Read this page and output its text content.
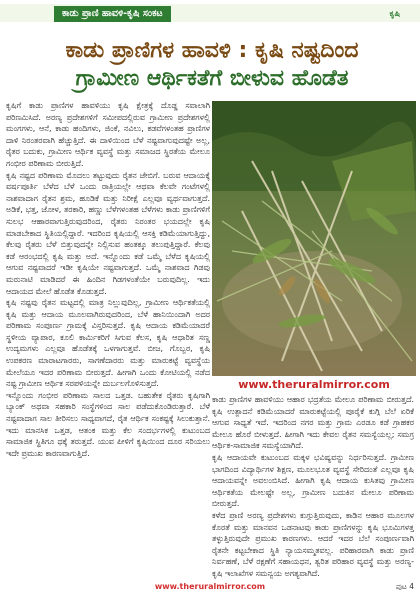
ಕಾಡು ಪ್ರಾಣಿ ಹಾವಳಿ-ಕೃಷಿ ಸಂಕಟ	ಕೃಷಿ
ಕಾಡು ಪ್ರಾಣಿಗಳ ಹಾವಳಿ : ಕೃಷಿ ನಷ್ಟದಿಂದ
ಗ್ರಾಮೀಣ ಆರ್ಥಿಕತೆಗೆ ಬೀಳುವ ಹೊಡೆತ

ಕೃಷಿಗೆ ಕಾಡು ಪ್ರಾಣಿಗಳ ಹಾವಳಿಯು ಕೃಷಿ ಕ್ಷೇತ್ರಕ್ಕೆ ದೊಡ್ಡ ಸವಾಲಾಗಿ ಪರಿಣಮಿಸಿದೆ. ಅರಣ್ಯ ಪ್ರದೇಶಗಳಿಗೆ ಸಮೀಪದಲ್ಲಿರುವ ಗ್ರಾಮೀಣ ಪ್ರದೇಶಗಳಲ್ಲಿ ಮಂಗಗಳು, ಆನೆ, ಕಾಡು ಹಂದಿಗಳು, ಜಿಂಕೆ, ನವಿಲು, ಕಡವೆಗಳಂತಹ ಪ್ರಾಣಿಗಳ ದಾಳಿ ನಿರಂತರವಾಗಿ ಹೆಚ್ಚುತ್ತಿದೆ. ಈ ದಾಳಿಯಿಂದ ಬೆಳೆ ನಷ್ಟವಾಗುವುದಷ್ಟೇ ಅಲ್ಲ, ರೈತರ ಬದುಕು, ಗ್ರಾಮೀಣ ಆರ್ಥಿಕ ವ್ಯವಸ್ಥೆ ಮತ್ತು ಸಮಾಜದ ಸ್ಥಿರತೆಯ ಮೇಲೂ ಗಂಭೀರ ಪರಿಣಾಮ ಬೀರುತ್ತಿದೆ.

ಕೃಷಿ ನಷ್ಟದ ಪರಿಣಾಮ ಮೊದಲು ತಟ್ಟುವುದು ರೈತನ ಜೇಬಿಗೆ. ಬರುವ ಆದಾಯಕ್ಕೆ ವರ್ಷಪೂರ್ತಿ ಬೆಳೆದ ಬೆಳೆ ಒಂದು ರಾತ್ರಿಯಲ್ಲೇ ಆಥವಾ ಕೆಲವೇ ಗಂಟೆಗಳಲ್ಲಿ ನಾಶವಾದಾಗ ರೈತನ ಶ್ರಮ, ಹೂಡಿಕೆ ಮತ್ತು ನಿರೀಕ್ಷೆ ಎಲ್ಲವೂ ವ್ಯರ್ಥವಾಗುತ್ತದೆ. ಅಡಿಕೆ, ಭತ್ತ, ಜೋಳ, ತರಕಾರಿ, ಹಣ್ಣು ಬೆಳೆಗಳಂತಹ ಬೆಳೆಗಳು ಕಾಡು ಪ್ರಾಣಿಗಳಿಗೆ ಸುಲಭ ಆಹಾರವಾಗುತ್ತಿರುವುದರಿಂದ, ರೈತರು ನಿರಂತರ ಭಯದಲ್ಲೇ ಕೃಷಿ ಮಾಡಬೇಕಾದ ಸ್ಥಿತಿಯಲ್ಲಿದ್ದಾರೆ. ಇದರಿಂದ ಕೃಷಿಯಲ್ಲಿ ಆಸಕ್ತಿ ಕಡಿಮೆಯಾಗುತ್ತಿದ್ದು, ಕೆಲವು ರೈತರು ಬೆಳೆ ಬಿತ್ತುವುದನ್ನೇ ನಿಲ್ಲಿಸುವ ಹಂತಕ್ಕೂ ತಲುಪುತ್ತಿದ್ದಾರೆ. ಕೆಲವು ಕಡೆ ಆರಂಭದಲ್ಲಿ ಕೃಷಿ ಮತ್ತು ಅದೆ. ಇನ್ನೊಂದು ಕಡೆ ಒಮ್ಮೆ ಬೆಳೆದ ಕೃಷಿಯಲ್ಲಿ ಆಗುವ ನಷ್ಟವಾದರೆ ಇಡೀ ಕೃಷಿಯೇ ನಷ್ಟವಾಗುತ್ತದೆ. ಒಮ್ಮೆ ನಾಶವಾದ ಗಿಡವು ಮರುನಾಟಿ ಮಾಡಿದರೆ ಈ ಹಿಂದಿನ ಗಿಡಗಳಂತೆಯೇ ಬರುವುದಿಲ್ಲ. ಇದು ಆದಾಯದ ಮೇಲೆ ಹೊಡೆತ ಕೊಡುತ್ತದೆ.

ಕೃಷಿ ನಷ್ಟವು ರೈತನ ಮಟ್ಟದಲ್ಲಿ ಮಾತ್ರ ನಿಲ್ಲುವುದಿಲ್ಲ, ಗ್ರಾಮೀಣ ಆರ್ಥಿಕತೆಯಲ್ಲಿ ಕೃಷಿ ಮತ್ತು ಆದಾಯ ಮೂಲವಾಗಿರುವುದರಿಂದ, ಬೆಳೆ ಹಾನಿಯಿಂದಾಗಿ ಅದರ ಪರಿಣಾಮ ಸಂಪೂರ್ಣ ಗ್ರಾಮಕ್ಕೆ ವಿಸ್ತರಿಸುತ್ತದೆ. ಕೃಷಿ ಆದಾಯ ಕಡಿಮೆಯಾದರೆ ಸ್ಥಳೀಯ ವ್ಯಾಪಾರ, ಕೂಲಿ ಕಾರ್ಮಿಕರಿಗೆ ಸಿಗುವ ಕೆಲಸ, ಕೃಷಿ ಆಧಾರಿತ ಸಣ್ಣ ಉದ್ಯಮಗಳು ಎಲ್ಲವೂ ಹೊಡೆತಕ್ಕೆ ಒಳಗಾಗುತ್ತವೆ. ಬೀಜ, ಗೊಬ್ಬರ, ಕೃಷಿ ಉಪಕರಣ ಮಾರಾಟಗಾರರು, ಸಾಗಣೆದಾರರು ಮತ್ತು ಮಾರುಕಟ್ಟೆ ವ್ಯವಸ್ಥೆಯ ಮೇಲೆಯೂ ಇದರ ಪರಿಣಾಮ ಬೀರುತ್ತದೆ. ಹೀಗಾಗಿ ಒಂದು ಕೋಟಿಯಲ್ಲಿ ನಡೆದ ನಷ್ಟ ಗ್ರಾಮೀಣ ಆರ್ಥಿಕ ಸರಪಳಿಯನ್ನೇ ದುರ್ಬಲಗೊಳಿಸುತ್ತದೆ.

ಇನ್ನೊಂದು ಗಂಭೀರ ಪರಿಣಾಮ ಸಾಲದ ಒತ್ತಡ. ಬಹುತೇಕ ರೈತರು ಕೃಷಿಗಾಗಿ ಬ್ಯಾಂಕ್ ಅಥವಾ ಸಹಕಾರಿ ಸಂಸ್ಥೆಗಳಿಂದ ಸಾಲ ಪಡೆದುಕೊಂಡಿರುತ್ತಾರೆ. ಬೆಳೆ ನಷ್ಟವಾದಾಗ ಸಾಲ ತೀರಿಸಲು ಸಾಧ್ಯವಾಗದೆ, ರೈತ ಆರ್ಥಿಕ ಸಂಕಷ್ಟಕ್ಕೆ ಸಿಲುಕುತ್ತಾನೆ. ಇದು ಮಾನಸಿಕ ಒತ್ತಡ, ಆತಂಕ ಮತ್ತು ಕೆಲ ಸಂದರ್ಭಗಳಲ್ಲಿ ಕುಟುಂಬದ ಸಾಮಾಜಿಕ ಸ್ಥಿತಿಗೂ ಧಕ್ಕೆ ತರುತ್ತದೆ. ಯುವ ಪೀಳಿಗೆ ಕೃಷಿಯಿಂದ ದೂರ ಸರಿಯಲು ಇದೇ ಪ್ರಮುಖ ಕಾರಣವಾಗುತ್ತಿದೆ.

www.theruralmirror.com

ಕಾಡು ಪ್ರಾಣಿಗಳ ಹಾವಳಿಯು ಆಹಾರ ಭದ್ರತೆಯ ಮೇಲೂ ಪರಿಣಾಮ ಬೀರುತ್ತದೆ. ಕೃಷಿ ಉತ್ಪಾದನೆ ಕಡಿಮೆಯಾದರೆ ಮಾರುಕಟ್ಟೆಯಲ್ಲಿ ಪೂರೈಕೆ ಕುಗ್ಗಿ ಬೆಲೆ ಏರಿಕೆ ಆಗುವ ಸಾಧ್ಯತೆ ಇದೆ. ಇದರಿಂದ ನಗರ ಮತ್ತು ಗ್ರಾಮ ಎರಡೂ ಕಡೆ ಗ್ರಾಹಕರ ಮೇಲೂ ಹೊರೆ ಬೀಳುತ್ತದೆ. ಹೀಗಾಗಿ ಇದು ಕೇವಲ ರೈತನ ಸಮಸ್ಯೆಯಲ್ಲ; ಸಮಗ್ರ ಆರ್ಥಿಕ-ಸಾಮಾಜಿಕ ಸಮಸ್ಯೆಯಾಗಿದೆ.

ಕೃಷಿ ಆದಾಯವೇ ಕುಟುಂಬದ ಮಕ್ಕಳ ಭವಿಷ್ಯವನ್ನು ನಿರ್ಧರಿಸುತ್ತದೆ. ಗ್ರಾಮೀಣ ಭಾಗದಿಂದ ವಿದ್ಯಾರ್ಥಿಗಳ ಶಿಕ್ಷಣ, ಮೂಲಭೂತ ವ್ಯವಸ್ಥೆ ಸೇರಿದಂತೆ ಎಲ್ಲವೂ ಕೃಷಿ ಆದಾಯವನ್ನೇ ಅವಲಂಬಿಸಿದೆ. ಹೀಗಾಗಿ ಕೃಷಿ ಆದಾಯ ಕುಸಿತವು ಗ್ರಾಮೀಣ ಆರ್ಥಿಕತೆಯ ಮೇಲಷ್ಟೇ ಅಲ್ಲ, ಗ್ರಾಮೀಣ ಬದುಕಿನ ಮೇಲೂ ಪರಿಣಾಮ ಬೀರುತ್ತದೆ.

ಕಳೆದ ಪ್ರಾಣಿ ಅರಣ್ಯ ಪ್ರದೇಶಗಳು ಕುಗ್ಗುತ್ತಿರುವುದು, ಕಾಡಿನ ಆಹಾರ ಮೂಲಗಳ ಕೊರತೆ ಮತ್ತು ಮಾನವನ ಒಡನಾಟವು ಕಾಡು ಪ್ರಾಣಿಗಳನ್ನು ಕೃಷಿ ಭೂಮಿಗಳತ್ತ ತಳ್ಳುತ್ತಿರುವುದೇ ಪ್ರಮುಖ ಕಾರಣಗಳು. ಆದರೆ ಇದರ ಬೆಲೆ ಸಂಪೂರ್ಣವಾಗಿ ರೈತನೇ ಕಟ್ಟಬೇಕಾದ ಸ್ಥಿತಿ ನ್ಯಾಯಸಮ್ಮತವಲ್ಲ. ಪರಿಹಾರವಾಗಿ ಕಾಡು ಪ್ರಾಣಿ ನಿರ್ವಹಣೆ, ಬೆಳೆ ರಕ್ಷಣೆಗೆ ಸಹಾಯಧನ, ತ್ವರಿತ ಪರಿಹಾರ ವ್ಯವಸ್ಥೆ ಮತ್ತು ಅರಣ್ಯ-ಕೃಷಿ ಇಲಾಖೆಗಳ ಸಮನ್ವಯ ಅಗತ್ಯವಾಗಿದೆ.

www.theruralmirror.com	ಪುಟ 4
